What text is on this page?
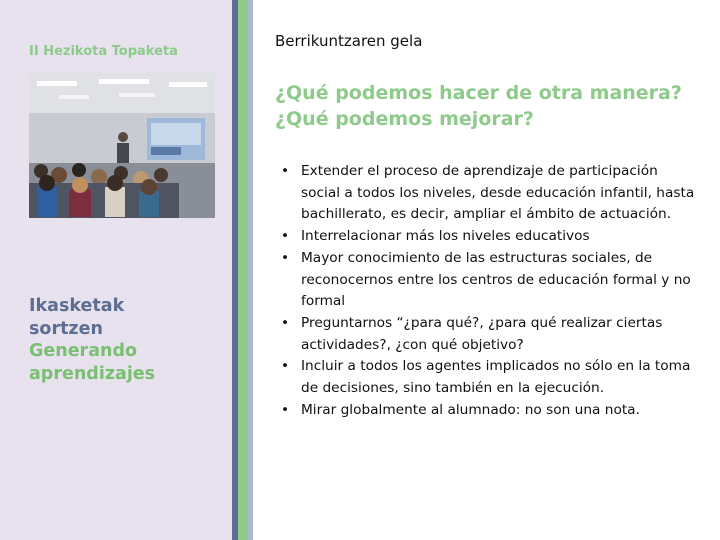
II Hezikota Topaketa
Ikasketak
sortzen
Generando
aprendizajes
Berrikuntzaren gela
¿Qué podemos hacer de otra manera?¿Qué podemos mejorar?
• Extender el proceso de aprendizaje de participación social a todos los niveles, desde educación infantil, hasta bachillerato, es decir, ampliar el ámbito de actuación.
• Interrelacionar más los niveles educativos
• Mayor conocimiento de las estructuras sociales, de reconocernos entre los centros de educación formal y no formal
• Preguntarnos “¿para qué?, ¿para qué realizar ciertas actividades?, ¿con qué objetivo?
• Incluir a todos los agentes implicados no sólo en la toma de decisiones, sino también en la ejecución.
• Mirar globalmente al alumnado: no son una nota.
